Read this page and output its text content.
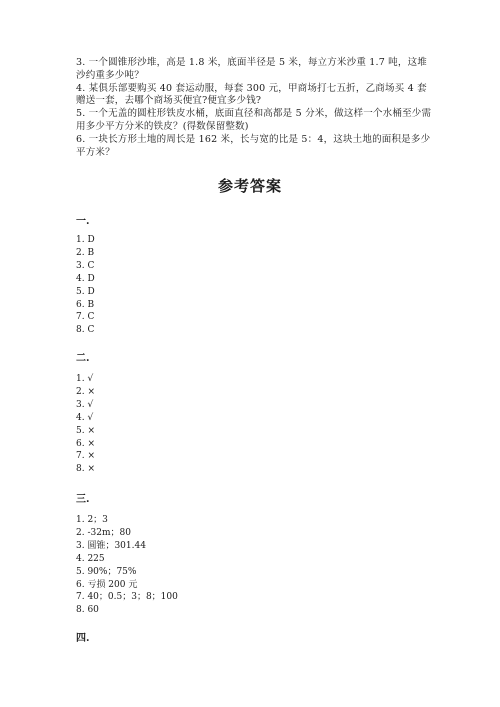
3. 一个圆锥形沙堆，高是 1.8 米，底面半径是 5 米，每立方米沙重 1.7 吨，这堆沙约重多少吨？

4. 某俱乐部要购买 40 套运动服，每套 300 元，甲商场打七五折，乙商场买 4 套赠送一套，去哪个商场买便宜?便宜多少钱?

5. 一个无盖的圆柱形铁皮水桶，底面直径和高都是 5 分米，做这样一个水桶至少需用多少平方分米的铁皮？(得数保留整数)

6. 一块长方形土地的周长是 162 米，长与宽的比是 5：4，这块土地的面积是多少平方米？

参考答案
一.
1. D
2. B
3. C
4. D
5. D
6. B
7. C
8. C
二.
1. √
2. ×
3. √
4. √
5. ×
6. ×
7. ×
8. ×
三.
1. 2；3
2. -32m；80
3. 圆锥；301.44
4. 225
5. 90%；75%
6. 亏损 200 元
7. 40；0.5；3；8；100
8. 60
四.
